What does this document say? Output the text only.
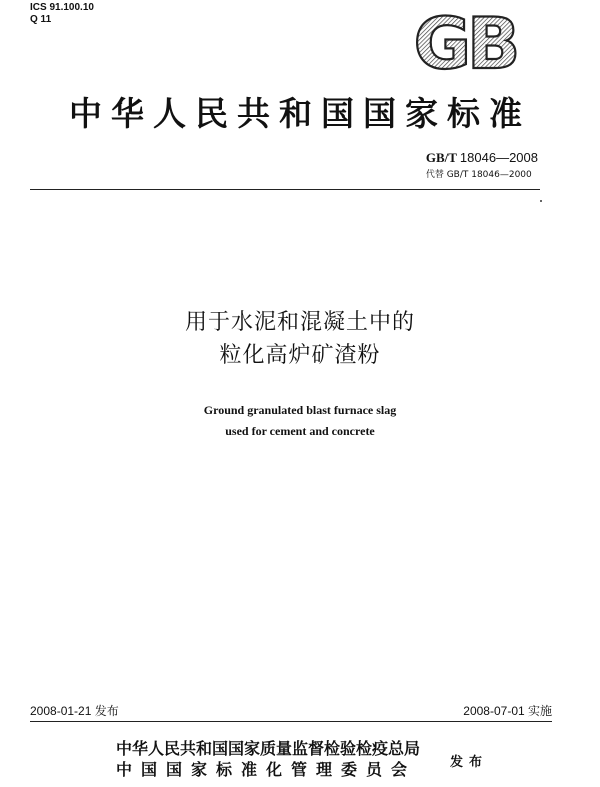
ICS 91.100.10
Q 11	GB
中华人民共和国国家标准
GB/T 18046—2008
代替 GB/T 18046—2000
用于水泥和混凝土中的
粒化高炉矿渣粉
Ground granulated blast furnace slag
used for cement and concrete
2008-01-21 发布	2008-07-01 实施
中华人民共和国国家质量监督检验检疫总局
中国国家标准化管理委员会	发布
